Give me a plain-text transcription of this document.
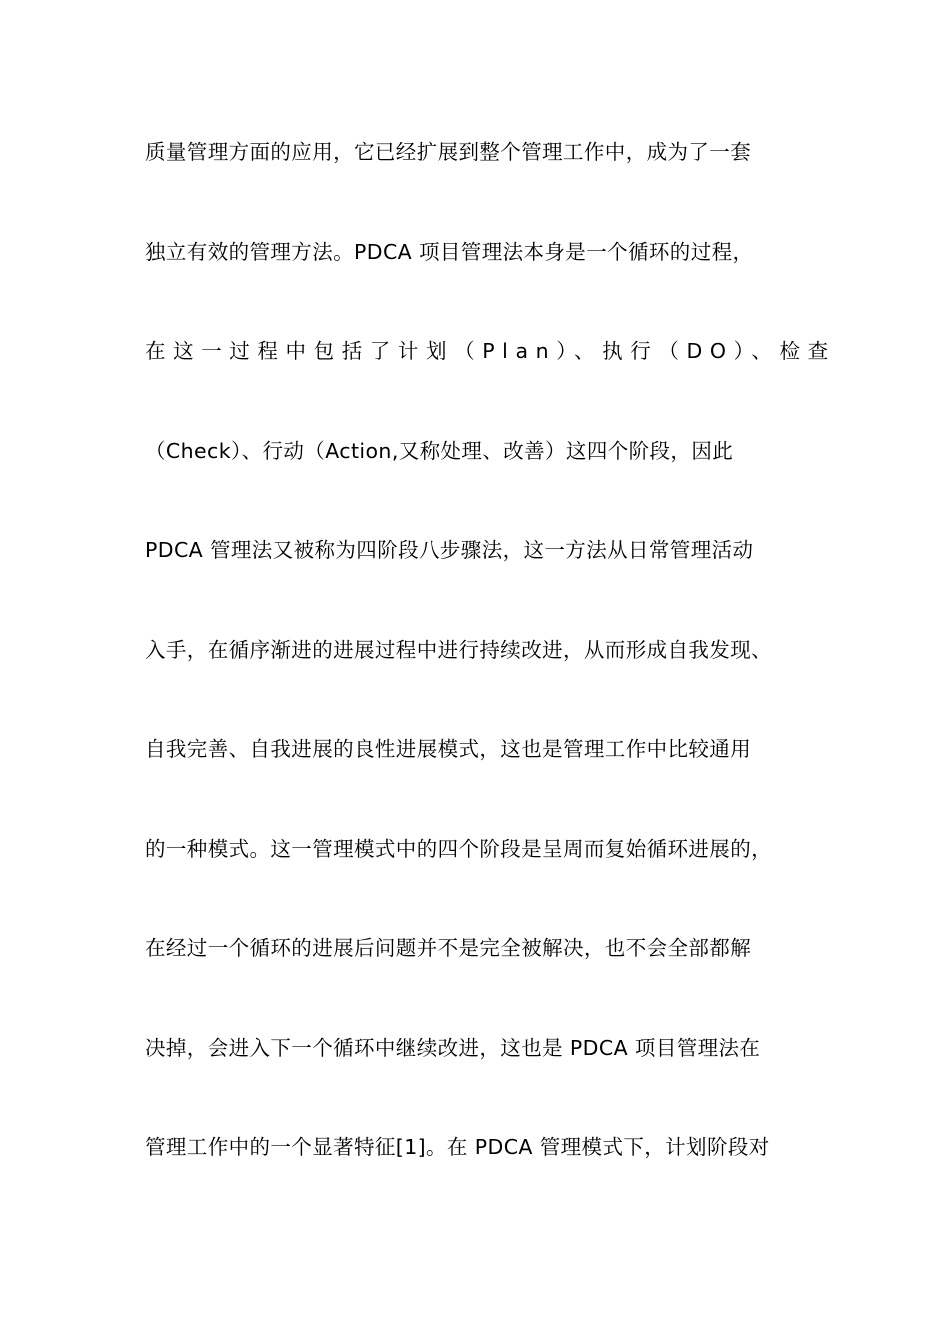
质量管理方面的应用，它已经扩展到整个管理工作中，成为了一套
独立有效的管理方法。PDCA 项目管理法本身是一个循环的过程，
在这一过程中包括了计划（Plan）、执行（DO）、检查
（Check）、行动（Action,又称处理、改善）这四个阶段，因此
PDCA 管理法又被称为四阶段八步骤法，这一方法从日常管理活动
入手，在循序渐进的进展过程中进行持续改进，从而形成自我发现、
自我完善、自我进展的良性进展模式，这也是管理工作中比较通用
的一种模式。这一管理模式中的四个阶段是呈周而复始循环进展的，
在经过一个循环的进展后问题并不是完全被解决，也不会全部都解
决掉，会进入下一个循环中继续改进，这也是 PDCA 项目管理法在
管理工作中的一个显著特征[1]。在 PDCA 管理模式下，计划阶段对
